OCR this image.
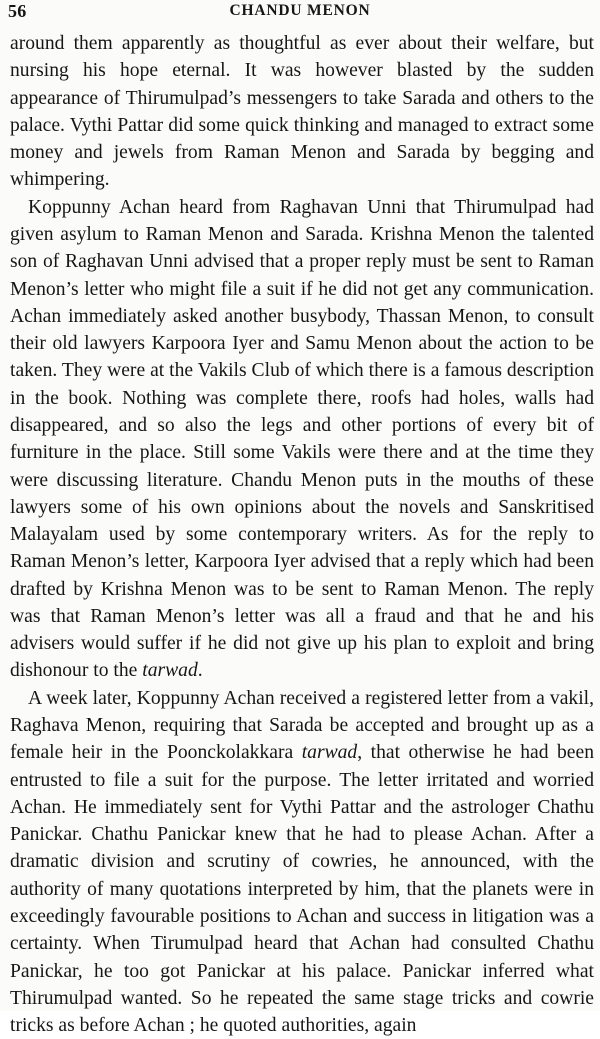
56	CHANDU MENON

around them apparently as thoughtful as ever about their welfare, but nursing his hope eternal. It was however blasted by the sudden appearance of Thirumulpad’s messengers to take Sarada and others to the palace. Vythi Pattar did some quick thinking and managed to extract some money and jewels from Raman Menon and Sarada by begging and whimpering.

Koppunny Achan heard from Raghavan Unni that Thirumulpad had given asylum to Raman Menon and Sarada. Krishna Menon the talented son of Raghavan Unni advised that a proper reply must be sent to Raman Menon’s letter who might file a suit if he did not get any communication. Achan immediately asked another busybody, Thassan Menon, to consult their old lawyers Karpoora Iyer and Samu Menon about the action to be taken. They were at the Vakils Club of which there is a famous description in the book. Nothing was complete there, roofs had holes, walls had disappeared, and so also the legs and other portions of every bit of furniture in the place. Still some Vakils were there and at the time they were discussing literature. Chandu Menon puts in the mouths of these lawyers some of his own opinions about the novels and Sanskritised Malayalam used by some contemporary writers. As for the reply to Raman Menon’s letter, Karpoora Iyer advised that a reply which had been drafted by Krishna Menon was to be sent to Raman Menon. The reply was that Raman Menon’s letter was all a fraud and that he and his advisers would suffer if he did not give up his plan to exploit and bring dishonour to the tarwad.

A week later, Koppunny Achan received a registered letter from a vakil, Raghava Menon, requiring that Sarada be accepted and brought up as a female heir in the Poonckolakkara tarwad, that otherwise he had been entrusted to file a suit for the purpose. The letter irritated and worried Achan. He immediately sent for Vythi Pattar and the astrologer Chathu Panickar. Chathu Panickar knew that he had to please Achan. After a dramatic division and scrutiny of cowries, he announced, with the authority of many quotations interpreted by him, that the planets were in exceedingly favourable positions to Achan and success in litigation was a certainty. When Tirumulpad heard that Achan had consulted Chathu Panickar, he too got Panickar at his palace. Panickar inferred what Thirumulpad wanted. So he repeated the same stage tricks and cowrie tricks as before Achan ; he quoted authorities, again
